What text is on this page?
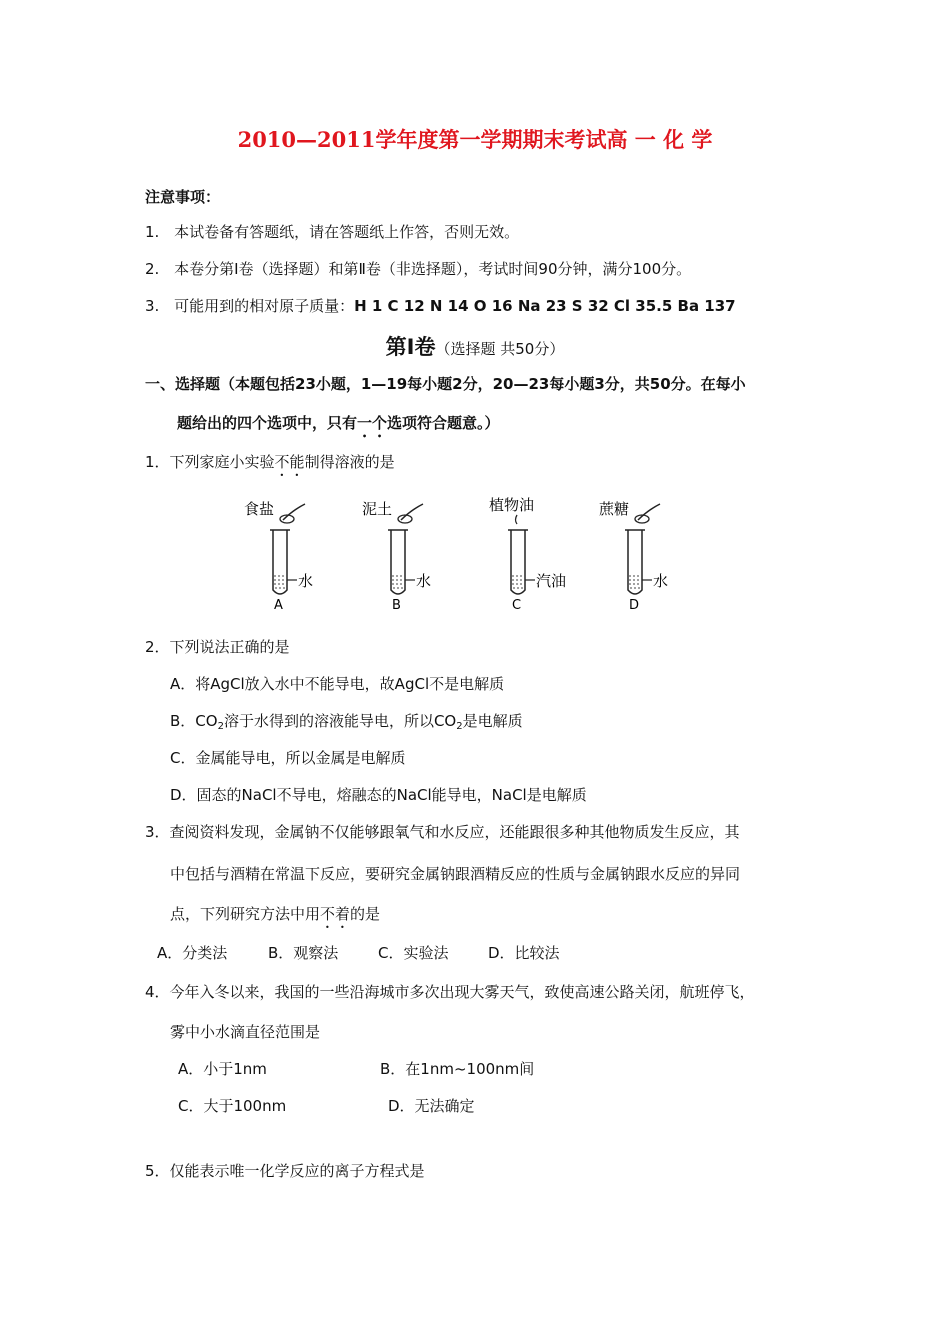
2010—2011学年度第一学期期末考试高 一 化 学
注意事项：
1. 本试卷备有答题纸，请在答题纸上作答，否则无效。
2. 本卷分第Ⅰ卷（选择题）和第Ⅱ卷（非选择题），考试时间90分钟，满分100分。
3. 可能用到的相对原子质量：H 1 C 12 N 14 O 16 Na 23 S 32 Cl 35.5 Ba 137
第Ⅰ卷（选择题 共50分）
一、选择题（本题包括23小题，1—19每小题2分，20—23每小题3分，共50分。在每小
题给出的四个选项中，只有一个选项符合题意。）
1．下列家庭小实验不能制得溶液的是
食盐
水
A
泥土
水
B
植物油
汽油
C
蔗糖
水
D
2．下列说法正确的是
A．将AgCl放入水中不能导电，故AgCl不是电解质
B．$CO_2$溶于水得到的溶液能导电，所以$CO_2$是电解质
C．金属能导电，所以金属是电解质
D．固态的NaCl不导电，熔融态的NaCl能导电，NaCl是电解质
3．查阅资料发现，金属钠不仅能够跟氧气和水反应，还能跟很多种其他物质发生反应，其
中包括与酒精在常温下反应，要研究金属钠跟酒精反应的性质与金属钠跟水反应的异同
点，下列研究方法中用不着的是
A．分类法	B．观察法	C．实验法	D．比较法
4．今年入冬以来，我国的一些沿海城市多次出现大雾天气，致使高速公路关闭，航班停飞，
雾中小水滴直径范围是
A．小于1nm	B．在1nm~100nm间
C．大于100nm	D．无法确定
5．仅能表示唯一化学反应的离子方程式是
